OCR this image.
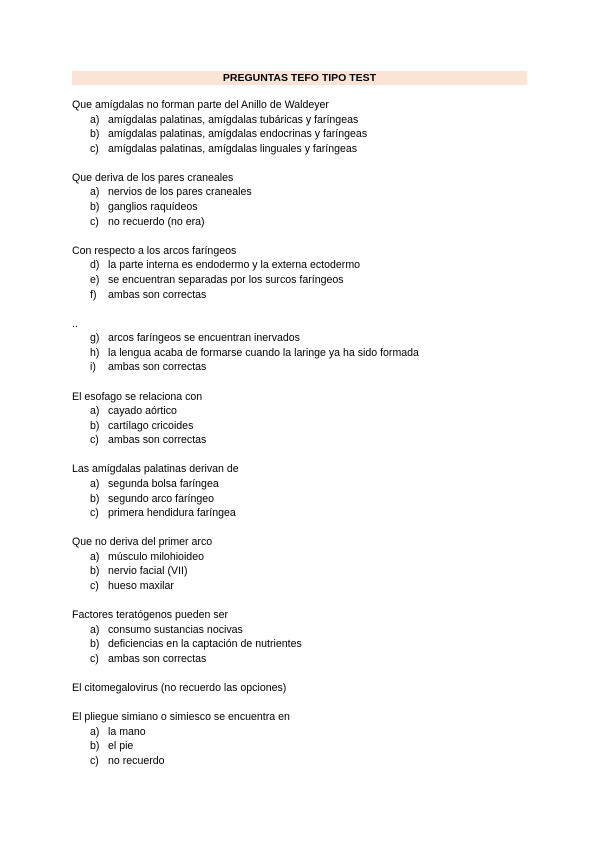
PREGUNTAS TEFO TIPO TEST
Que amígdalas no forman parte del Anillo de Waldeyer
a) amígdalas palatinas, amígdalas tubáricas y faríngeas
b) amígdalas palatinas, amígdalas endocrinas y faríngeas
c) amígdalas palatinas, amígdalas linguales y faríngeas
Que deriva de los pares craneales
a) nervios de los pares craneales
b) ganglios raquídeos
c) no recuerdo (no era)
Con respecto a los arcos faríngeos
d) la parte interna es endodermo y la externa ectodermo
e) se encuentran separadas por los surcos faríngeos
f) ambas son correctas
..
g) arcos faríngeos se encuentran inervados
h) la lengua acaba de formarse cuando la laringe ya ha sido formada
i) ambas son correctas
El esofago se relaciona con
a) cayado aórtico
b) cartílago cricoides
c) ambas son correctas
Las amígdalas palatinas derivan de
a) segunda bolsa faríngea
b) segundo arco faríngeo
c) primera hendidura faríngea
Que no deriva del primer arco
a) músculo milohioideo
b) nervio facial (VII)
c) hueso maxilar
Factores teratógenos pueden ser
a) consumo sustancias nocivas
b) deficiencias en la captación de nutrientes
c) ambas son correctas
El citomegalovirus (no recuerdo las opciones)
El pliegue simiano o simiesco se encuentra en
a) la mano
b) el pie
c) no recuerdo
